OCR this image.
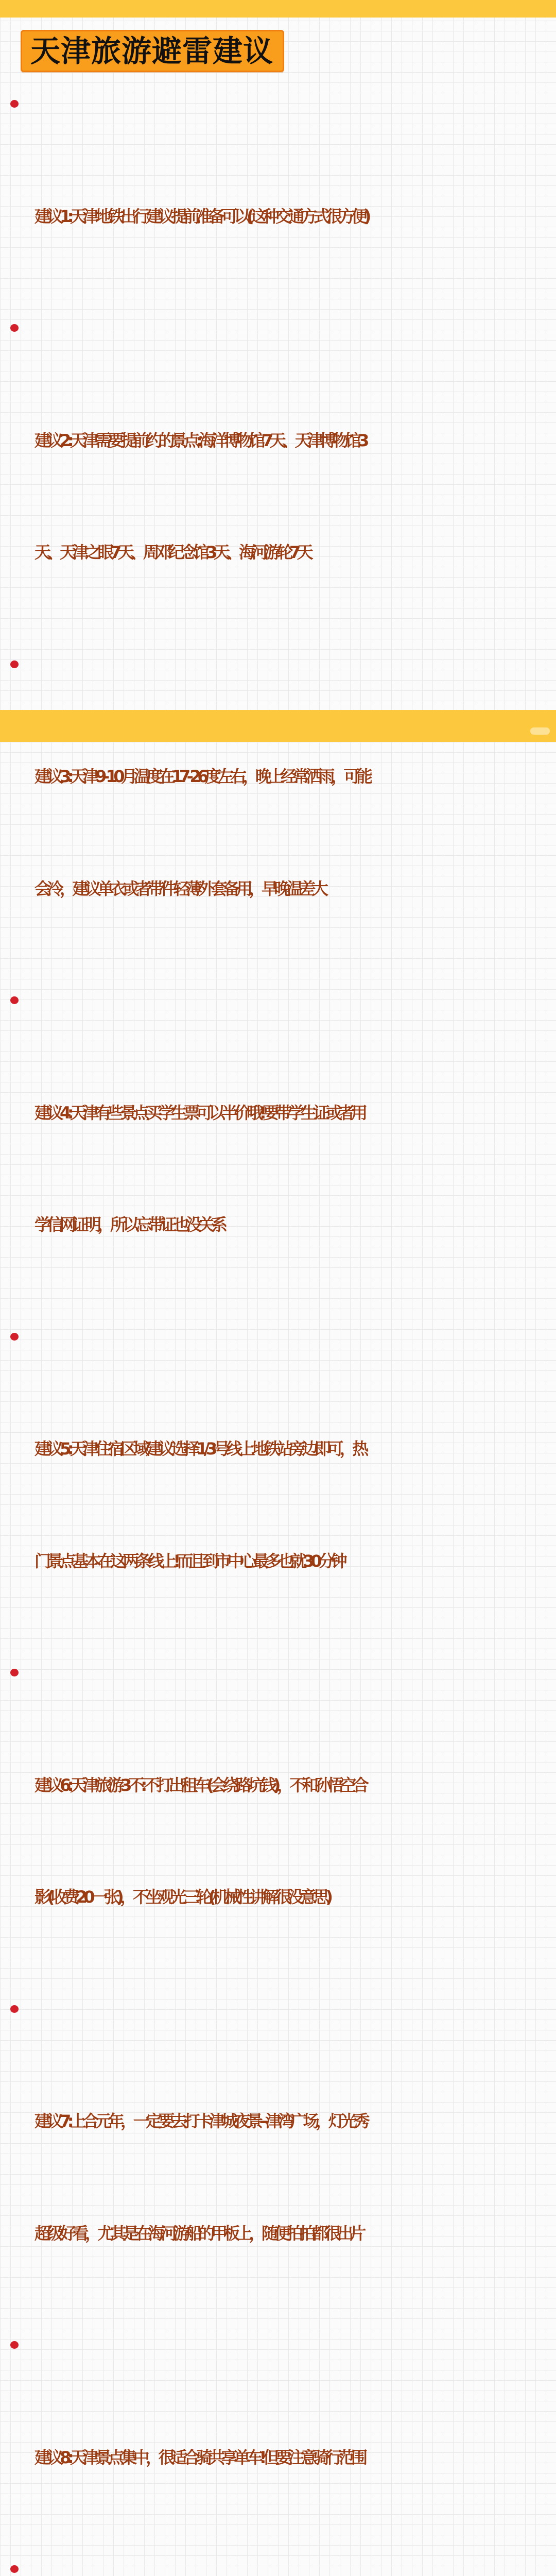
天津旅游避雷建议

建议1:天津地铁出行建议提前准备可以(这种交通方式很方便)

建议2:天津需要提前约的景点:海洋博物馆7天、天津博物馆3

天、天津之眼7天、周邓纪念馆3天、海河游轮7天

建议3:天津9-10月温度在17-26度左右，晚上经常洒雨，可能

会冷，建议单衣或者带件轻薄外套备用，早晚温差大

建议4:天津有些景点买学生票可以半价哦!要带学生证或者用

学信网证明，所以忘带证也没关系

建议5:天津住宿区域建议选择1/3号线上地铁站旁边即可，热

门景点基本在这两条线上!而且到市中心最多也就30分钟

建议6:天津旅游3不:不打出租车(会绕路坑钱)，不和孙悟空合

影(收费20一张)，不坐观光三轮(机械性讲解很没意思)

建议7:上合元年，一定要去打卡津城夜景--津湾广场，灯光秀

超级好看，尤其是在海河游船的甲板上，随便拍拍都很出片

建议8:天津景点集中，很适合骑共享单车!但要注意骑行范围
